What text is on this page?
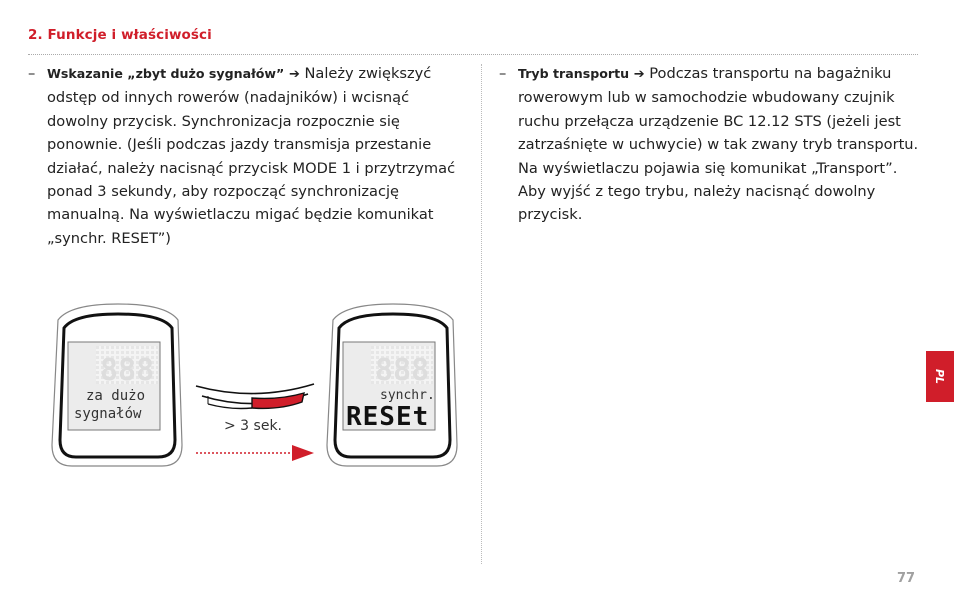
2. Funkcje i właściwości
– Wskazanie „zbyt dużo sygnałów” ➔ Należy zwiększyć odstęp od innych rowerów (nadajników) i wcisnąć dowolny przycisk. Synchronizacja rozpocznie się ponownie. (Jeśli podczas jazdy transmisja przestanie działać, należy nacisnąć przycisk MODE 1 i przytrzymać ponad 3 sekundy, aby rozpocząć synchronizację manualną. Na wyświetlaczu migać będzie komunikat „synchr. RESET”)
– Tryb transportu ➔ Podczas transportu na bagażniku rowerowym lub w samochodzie wbudowany czujnik ruchu przełącza urządzenie BC 12.12 STS (jeżeli jest zatrzaśnięte w uchwycie) w tak zwany tryb transportu. Na wyświetlaczu pojawia się komunikat „Transport”. Aby wyjść z tego trybu, należy nacisnąć dowolny przycisk.
888	888
za dużo
sygnałów
synchr.
RESEt
> 3 sek.
PL
77
